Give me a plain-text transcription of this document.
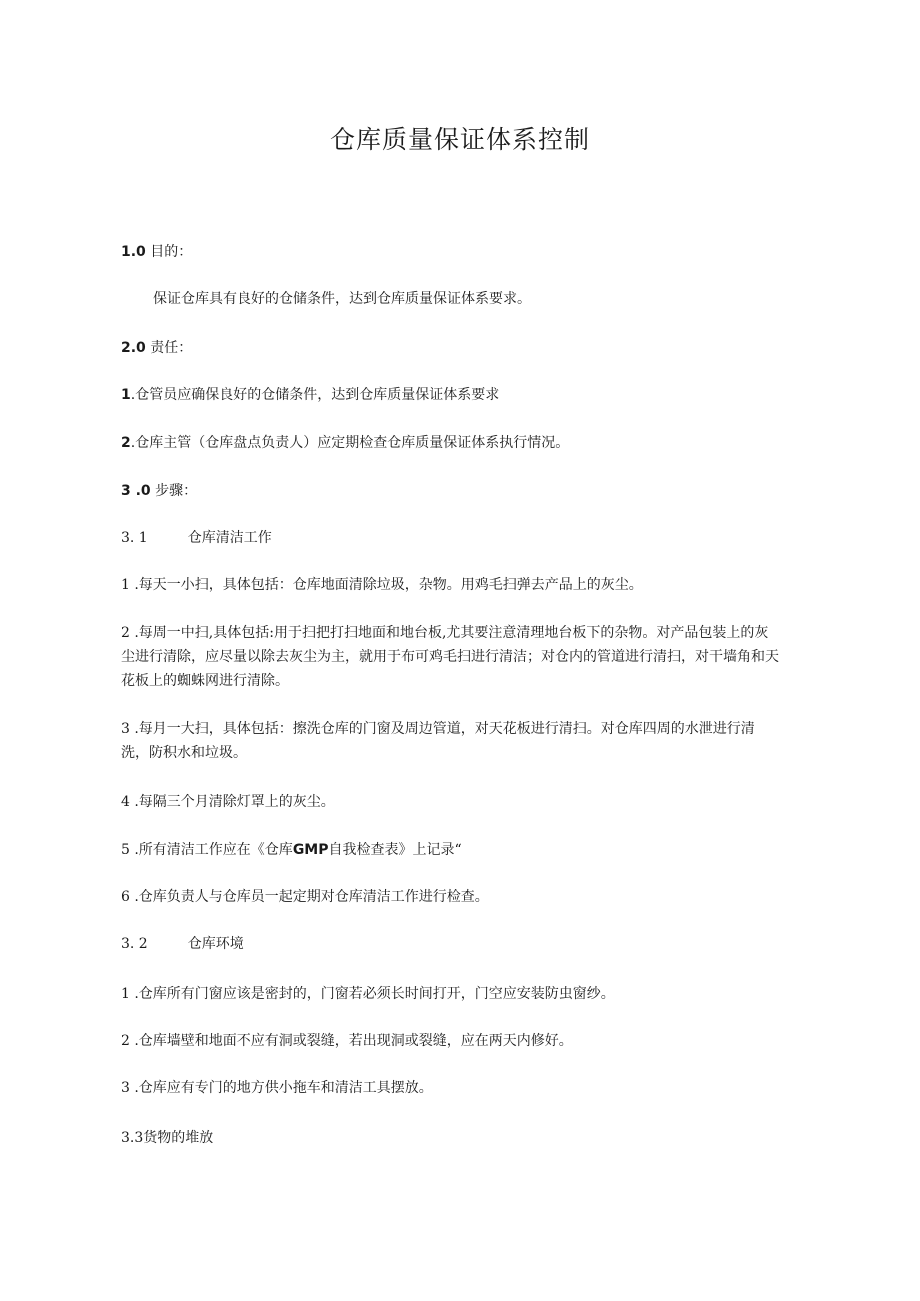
仓库质量保证体系控制
1.0 目的：
保证仓库具有良好的仓储条件，达到仓库质量保证体系要求。
2.0 责任：
1.仓管员应确保良好的仓储条件，达到仓库质量保证体系要求
2.仓库主管（仓库盘点负责人）应定期检查仓库质量保证体系执行情况。
3 .0 步骤：
3. 1	仓库清洁工作
1 .每天一小扫，具体包括：仓库地面清除垃圾，杂物。用鸡毛扫弹去产品上的灰尘。
2 .每周一中扫,具体包括:用于扫把打扫地面和地台板,尤其要注意清理地台板下的杂物。对产品包装上的灰尘进行清除，应尽量以除去灰尘为主，就用于布可鸡毛扫进行清洁；对仓内的管道进行清扫，对干墙角和天花板上的蜘蛛网进行清除。
3 .每月一大扫，具体包括：擦洗仓库的门窗及周边管道，对天花板进行清扫。对仓库四周的水泄进行清洗，防积水和垃圾。
4 .每隔三个月清除灯罩上的灰尘。
5 .所有清洁工作应在《仓库GMP自我检查表》上记录“
6 .仓库负责人与仓库员一起定期对仓库清洁工作进行检查。
3. 2	仓库环境
1 .仓库所有门窗应该是密封的，门窗若必须长时间打开，门空应安装防虫窗纱。
2 .仓库墙壁和地面不应有洞或裂缝，若出现洞或裂缝，应在两天内修好。
3 .仓库应有专门的地方供小拖车和清洁工具摆放。
3.3货物的堆放
